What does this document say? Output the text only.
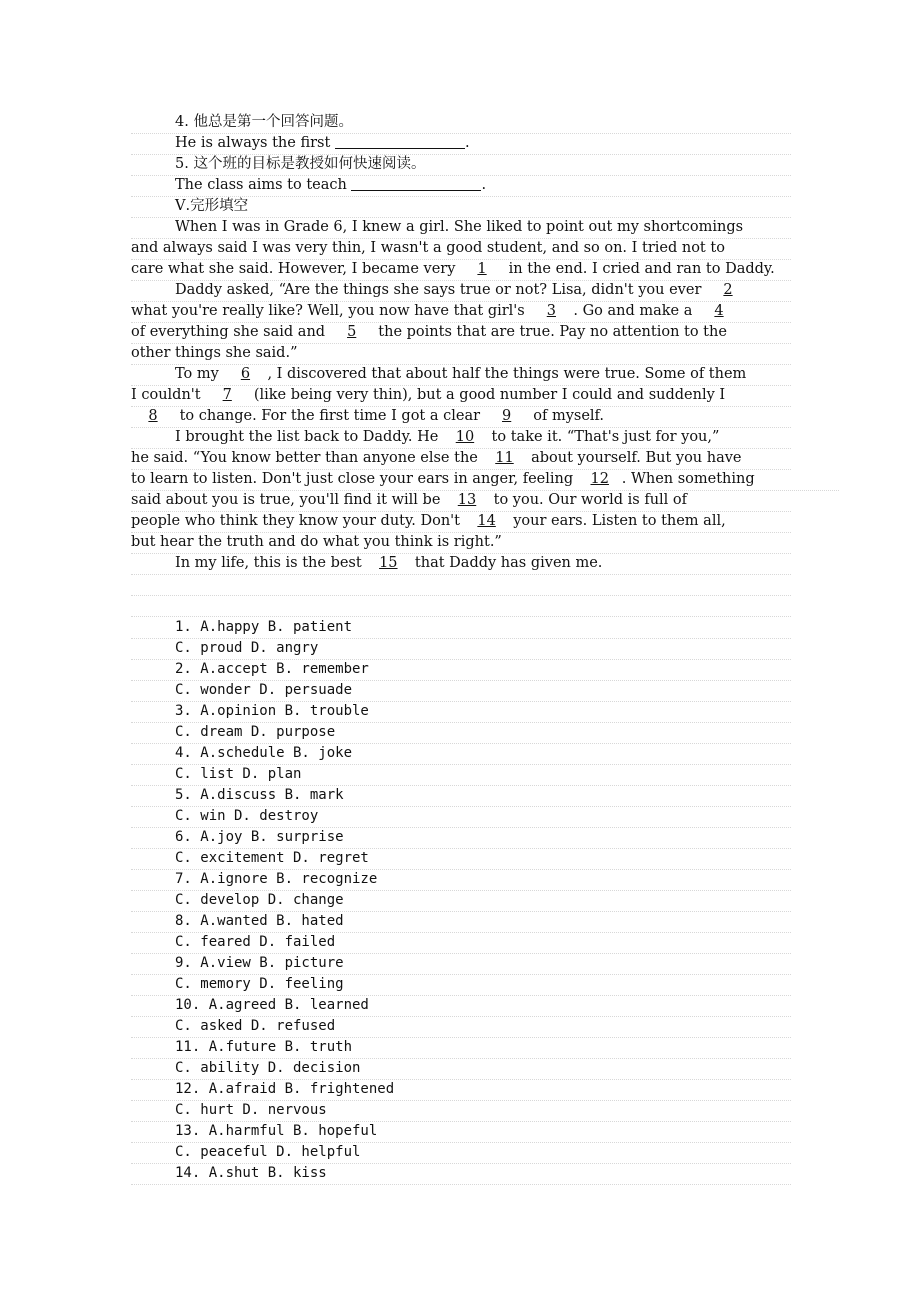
4. 他总是第一个回答问题。
He is always the first	.
5. 这个班的目标是教授如何快速阅读。
The class aims to teach	.
Ⅴ.完形填空
When I was in Grade 6, I knew a girl. She liked to point out my shortcomings
and always said I was very thin, I wasn't a good student, and so on. I tried not to
care what she said. However, I became very 1 in the end. I cried and ran to Daddy.
Daddy asked, “Are the things she says true or not? Lisa, didn't you ever 2
what you're really like? Well, you now have that girl's 3 . Go and make a 4
of everything she said and 5 the points that are true. Pay no attention to the
other things she said.”
To my 6 , I discovered that about half the things were true. Some of them
I couldn't 7 (like being very thin), but a good number I could and suddenly I
8 to change. For the first time I got a clear 9 of myself.
I brought the list back to Daddy. He 10 to take it. “That's just for you,”
he said. “You know better than anyone else the 11 about yourself. But you have
to learn to listen. Don't just close your ears in anger, feeling 12 . When something
said about you is true, you'll find it will be 13 to you. Our world is full of
people who think they know your duty. Don't 14 your ears. Listen to them all,
but hear the truth and do what you think is right.”
In my life, this is the best 15 that Daddy has given me.
1. A.happy B. patient
C. proud D. angry
2. A.accept B. remember
C. wonder D. persuade
3. A.opinion B. trouble
C. dream D. purpose
4. A.schedule B. joke
C. list D. plan
5. A.discuss B. mark
C. win D. destroy
6. A.joy B. surprise
C. excitement D. regret
7. A.ignore B. recognize
C. develop D. change
8. A.wanted B. hated
C. feared D. failed
9. A.view B. picture
C. memory D. feeling
10. A.agreed B. learned
C. asked D. refused
11. A.future B. truth
C. ability D. decision
12. A.afraid B. frightened
C. hurt D. nervous
13. A.harmful B. hopeful
C. peaceful D. helpful
14. A.shut B. kiss
